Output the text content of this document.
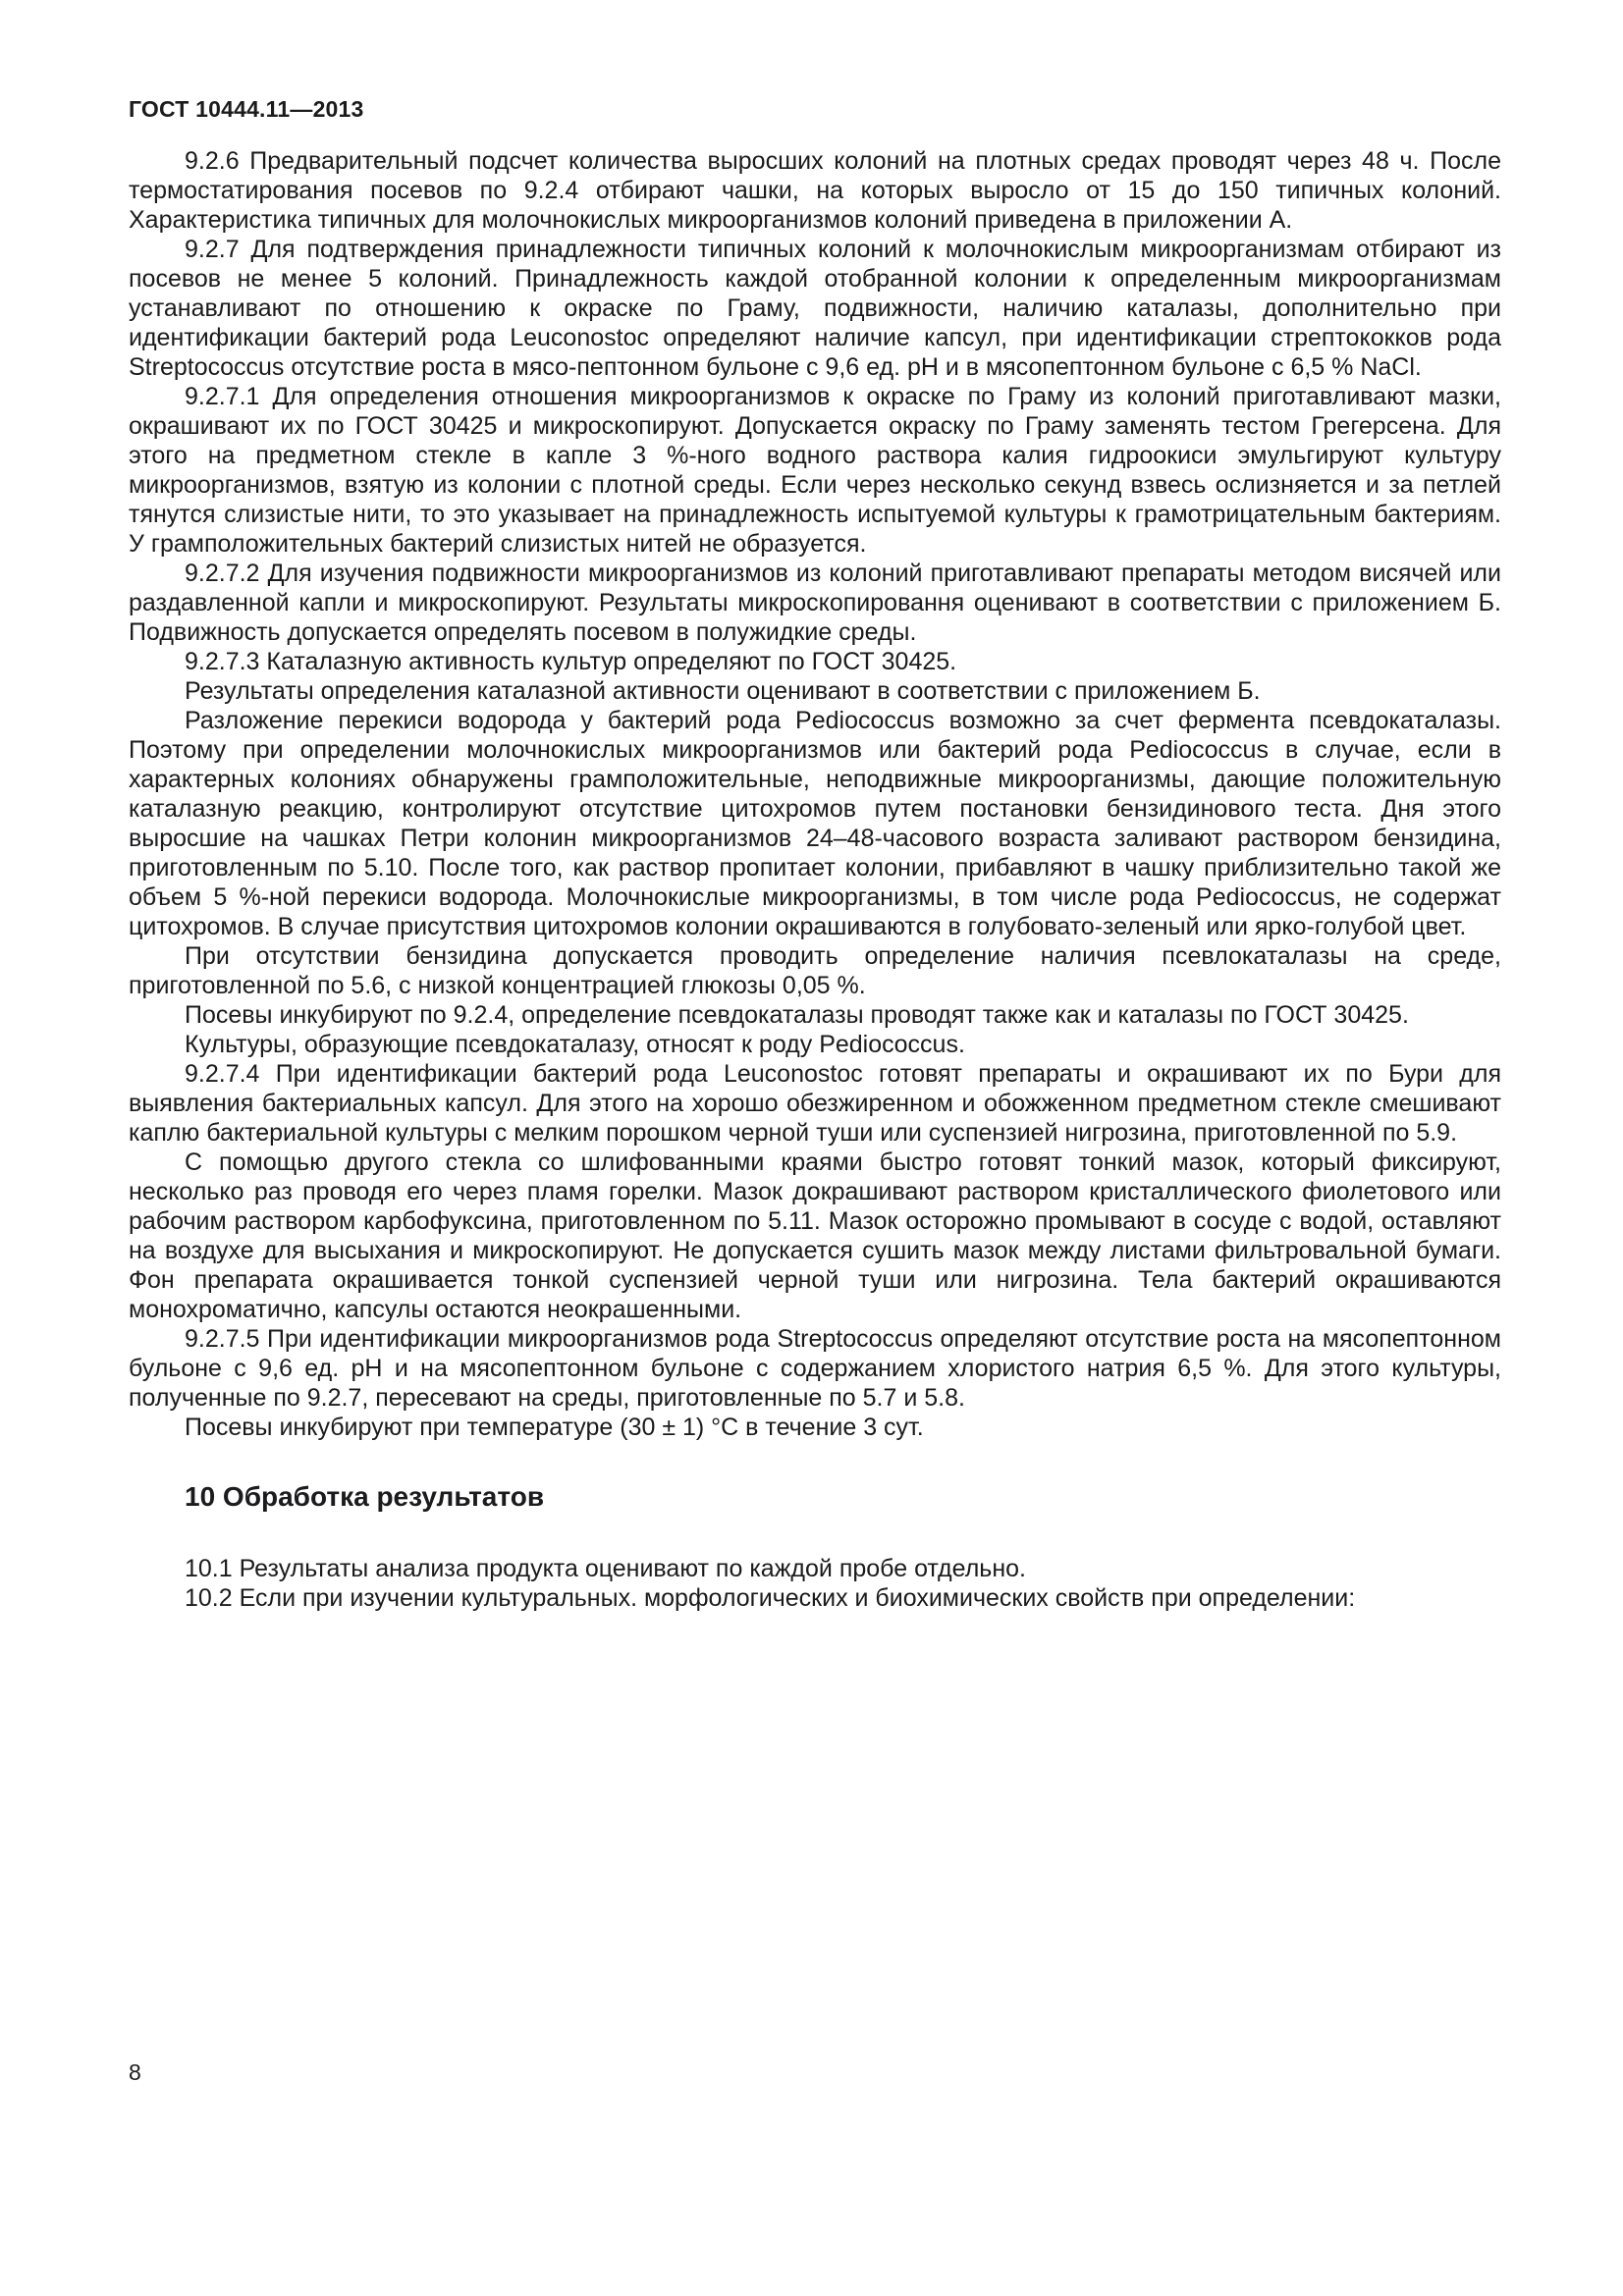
ГОСТ 10444.11—2013

9.2.6 Предварительный подсчет количества выросших колоний на плотных средах проводят через 48 ч. После термостатирования посевов по 9.2.4 отбирают чашки, на которых выросло от 15 до 150 типичных колоний. Характеристика типичных для молочнокислых микроорганизмов колоний приведена в приложении А.

9.2.7 Для подтверждения принадлежности типичных колоний к молочнокислым микроорганизмам отбирают из посевов не менее 5 колоний. Принадлежность каждой отобранной колонии к определенным микроорганизмам устанавливают по отношению к окраске по Граму, подвижности, наличию каталазы, дополнительно при идентификации бактерий рода Leuconostoc определяют наличие капсул, при идентификации стрептококков рода Streptococcus отсутствие роста в мясо-пептонном бульоне с 9,6 ед. pH и в мясопептонном бульоне с 6,5 % NaCl.

9.2.7.1 Для определения отношения микроорганизмов к окраске по Граму из колоний приготавливают мазки, окрашивают их по ГОСТ 30425 и микроскопируют. Допускается окраску по Граму заменять тестом Грегерсена. Для этого на предметном стекле в капле 3 %-ного водного раствора калия гидроокиси эмульгируют культуру микроорганизмов, взятую из колонии с плотной среды. Если через несколько секунд взвесь ослизняется и за петлей тянутся слизистые нити, то это указывает на принадлежность испытуемой культуры к грамотрицательным бактериям. У грамположительных бактерий слизистых нитей не образуется.

9.2.7.2 Для изучения подвижности микроорганизмов из колоний приготавливают препараты методом висячей или раздавленной капли и микроскопируют. Результаты микроскопировання оценивают в соответствии с приложением Б. Подвижность допускается определять посевом в полужидкие среды.

9.2.7.3 Каталазную активность культур определяют по ГОСТ 30425.

Результаты определения каталазной активности оценивают в соответствии с приложением Б.

Разложение перекиси водорода у бактерий рода Pediococcus возможно за счет фермента псевдокаталазы. Поэтому при определении молочнокислых микроорганизмов или бактерий рода Pediococcus в случае, если в характерных колониях обнаружены грамположительные, неподвижные микроорганизмы, дающие положительную каталазную реакцию, контролируют отсутствие цитохромов путем постановки бензидинового теста. Дня этого выросшие на чашках Петри колонин микроорганизмов 24–48-часового возраста заливают раствором бензидина, приготовленным по 5.10. После того, как раствор пропитает колонии, прибавляют в чашку приблизительно такой же объем 5 %-ной перекиси водорода. Молочнокислые микроорганизмы, в том числе рода Pediococcus, не содержат цитохромов. В случае присутствия цитохромов колонии окрашиваются в голубовато-зеленый или ярко-голубой цвет.

При отсутствии бензидина допускается проводить определение наличия псевлокаталазы на среде, приготовленной по 5.6, с низкой концентрацией глюкозы 0,05 %.

Посевы инкубируют по 9.2.4, определение псевдокаталазы проводят также как и каталазы по ГОСТ 30425.

Культуры, образующие псевдокаталазу, относят к роду Pediococcus.

9.2.7.4 При идентификации бактерий рода Leuconostoc готовят препараты и окрашивают их по Бури для выявления бактериальных капсул. Для этого на хорошо обезжиренном и обожженном предметном стекле смешивают каплю бактериальной культуры с мелким порошком черной туши или суспензией нигрозина, приготовленной по 5.9.

С помощью другого стекла со шлифованными краями быстро готовят тонкий мазок, который фиксируют, несколько раз проводя его через пламя горелки. Мазок докрашивают раствором кристаллического фиолетового или рабочим раствором карбофуксина, приготовленном по 5.11. Мазок осторожно промывают в сосуде с водой, оставляют на воздухе для высыхания и микроскопируют. Не допускается сушить мазок между листами фильтровальной бумаги. Фон препарата окрашивается тонкой суспензией черной туши или нигрозина. Тела бактерий окрашиваются монохроматично, капсулы остаются неокрашенными.

9.2.7.5 При идентификации микроорганизмов рода Streptococcus определяют отсутствие роста на мясопептонном бульоне с 9,6 ед. pH и на мясопептонном бульоне с содержанием хлористого натрия 6,5 %. Для этого культуры, полученные по 9.2.7, пересевают на среды, приготовленные по 5.7 и 5.8.

Посевы инкубируют при температуре (30 ± 1) °C в течение 3 сут.

10 Обработка результатов

10.1 Результаты анализа продукта оценивают по каждой пробе отдельно.

10.2 Если при изучении культуральных. морфологических и биохимических свойств при определении:

8
